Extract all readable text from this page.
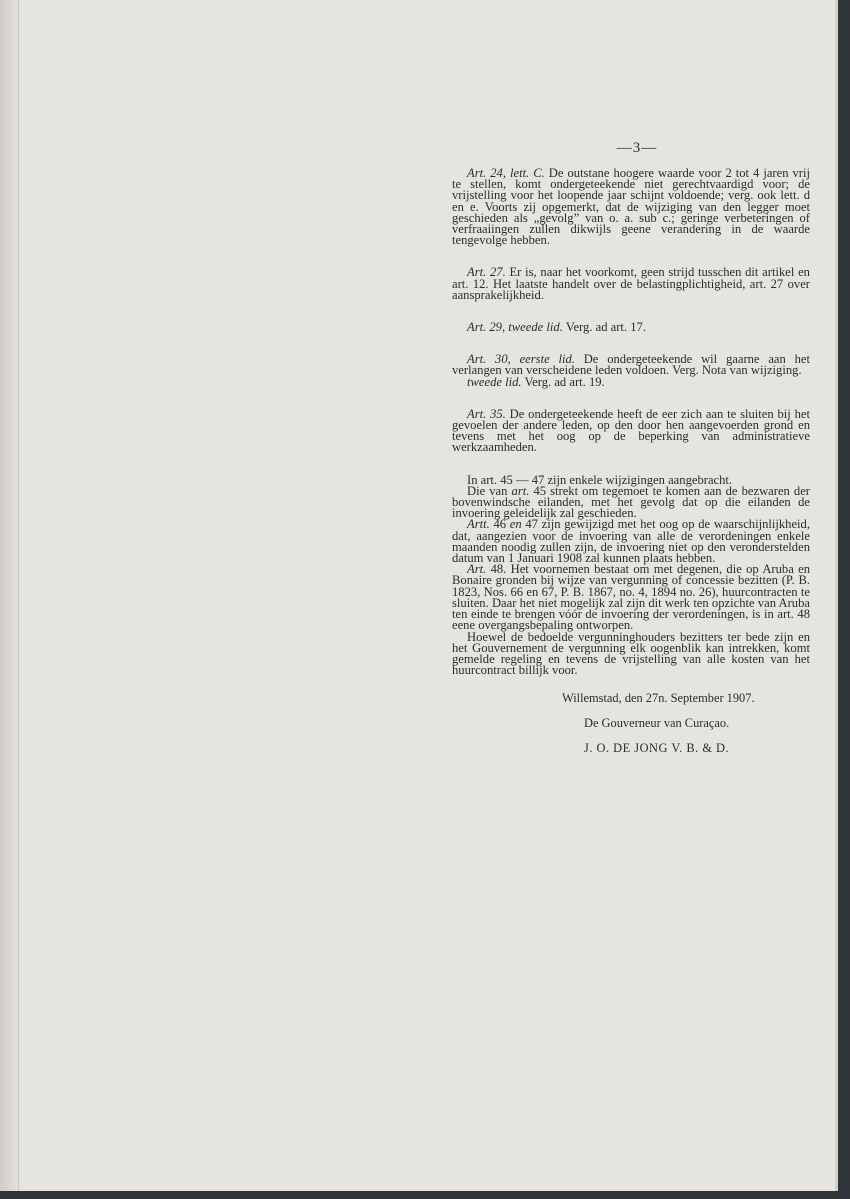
—3—

Art. 24, lett. C. De outstane hoogere waarde voor 2 tot 4 jaren vrij te stellen, komt ondergeteekende niet gerechtvaardigd voor; de vrijstelling voor het loopende jaar schijnt voldoende; verg. ook lett. d en e. Voorts zij opgemerkt, dat de wijziging van den legger moet geschieden als „gevolg” van o. a. sub c.; geringe verbeteringen of verfraaiingen zullen dikwijls geene verandering in de waarde tengevolge hebben.

Art. 27. Er is, naar het voorkomt, geen strijd tusschen dit artikel en art. 12. Het laatste handelt over de belastingplichtigheid, art. 27 over aansprakelijkheid.

Art. 29, tweede lid. Verg. ad art. 17.

Art. 30, eerste lid. De ondergeteekende wil gaarne aan het verlangen van verscheidene leden voldoen. Verg. Nota van wijziging.

tweede lid. Verg. ad art. 19.

Art. 35. De ondergeteekende heeft de eer zich aan te sluiten bij het gevoelen der andere leden, op den door hen aangevoerden grond en tevens met het oog op de beperking van administratieve werkzaamheden.

In art. 45 — 47 zijn enkele wijzigingen aangebracht.

Die van art. 45 strekt om tegemoet te komen aan de bezwaren der bovenwindsche eilanden, met het gevolg dat op die eilanden de invoering geleidelijk zal geschieden.

Artt. 46 en 47 zijn gewijzigd met het oog op de waarschijnlijkheid, dat, aangezien voor de invoering van alle de verordeningen enkele maanden noodig zullen zijn, de invoering niet op den veronderstelden datum van 1 Januari 1908 zal kunnen plaats hebben.

Art. 48. Het voornemen bestaat om met degenen, die op Aruba en Bonaire gronden bij wijze van vergunning of concessie bezitten (P. B. 1823, Nos. 66 en 67, P. B. 1867, no. 4, 1894 no. 26), huurcontracten te sluiten. Daar het niet mogelijk zal zijn dit werk ten opzichte van Aruba ten einde te brengen vóór de invoering der verordeningen, is in art. 48 eene overgangsbepaling ontworpen.

Hoewel de bedoelde vergunninghouders bezitters ter bede zijn en het Gouvernement de vergunning elk oogenblik kan intrekken, komt gemelde regeling en tevens de vrijstelling van alle kosten van het huurcontract billijk voor.

Willemstad, den 27n. September 1907.
De Gouverneur van Curaçao.
J. O. DE JONG V. B. & D.
